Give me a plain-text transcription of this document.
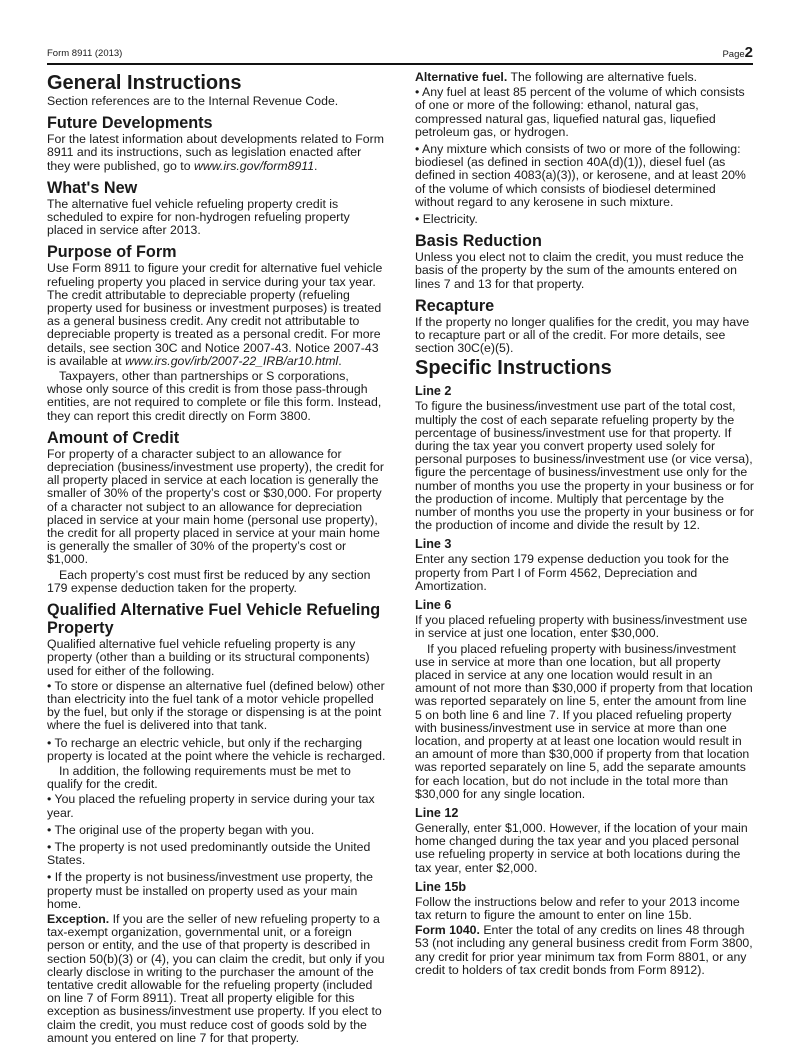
Form 8911 (2013)	Page2
General Instructions
Section references are to the Internal Revenue Code.
Future Developments
For the latest information about developments related to Form 8911 and its instructions, such as legislation enacted after they were published, go to www.irs.gov/form8911.
What's New
The alternative fuel vehicle refueling property credit is scheduled to expire for non-hydrogen refueling property placed in service after 2013.
Purpose of Form
Use Form 8911 to figure your credit for alternative fuel vehicle refueling property you placed in service during your tax year. The credit attributable to depreciable property (refueling property used for business or investment purposes) is treated as a general business credit. Any credit not attributable to depreciable property is treated as a personal credit. For more details, see section 30C and Notice 2007-43. Notice 2007-43 is available at www.irs.gov/irb/2007-22_IRB/ar10.html.
Taxpayers, other than partnerships or S corporations, whose only source of this credit is from those pass-through entities, are not required to complete or file this form. Instead, they can report this credit directly on Form 3800.
Amount of Credit
For property of a character subject to an allowance for depreciation (business/investment use property), the credit for all property placed in service at each location is generally the smaller of 30% of the property’s cost or $30,000. For property of a character not subject to an allowance for depreciation placed in service at your main home (personal use property), the credit for all property placed in service at your main home is generally the smaller of 30% of the property’s cost or $1,000.
Each property’s cost must first be reduced by any section 179 expense deduction taken for the property.
Qualified Alternative Fuel Vehicle Refueling Property
Qualified alternative fuel vehicle refueling property is any property (other than a building or its structural components) used for either of the following.
• To store or dispense an alternative fuel (defined below) other than electricity into the fuel tank of a motor vehicle propelled by the fuel, but only if the storage or dispensing is at the point where the fuel is delivered into that tank.
• To recharge an electric vehicle, but only if the recharging property is located at the point where the vehicle is recharged.
In addition, the following requirements must be met to qualify for the credit.
• You placed the refueling property in service during your tax year.
• The original use of the property began with you.
• The property is not used predominantly outside the United States.
• If the property is not business/investment use property, the property must be installed on property used as your main home.
Exception. If you are the seller of new refueling property to a tax-exempt organization, governmental unit, or a foreign person or entity, and the use of that property is described in section 50(b)(3) or (4), you can claim the credit, but only if you clearly disclose in writing to the purchaser the amount of the tentative credit allowable for the refueling property (included on line 7 of Form 8911). Treat all property eligible for this exception as business/investment use property. If you elect to claim the credit, you must reduce cost of goods sold by the amount you entered on line 7 for that property.
Alternative fuel. The following are alternative fuels.
• Any fuel at least 85 percent of the volume of which consists of one or more of the following: ethanol, natural gas, compressed natural gas, liquefied natural gas, liquefied petroleum gas, or hydrogen.
• Any mixture which consists of two or more of the following: biodiesel (as defined in section 40A(d)(1)), diesel fuel (as defined in section 4083(a)(3)), or kerosene, and at least 20% of the volume of which consists of biodiesel determined without regard to any kerosene in such mixture.
• Electricity.
Basis Reduction
Unless you elect not to claim the credit, you must reduce the basis of the property by the sum of the amounts entered on lines 7 and 13 for that property.
Recapture
If the property no longer qualifies for the credit, you may have to recapture part or all of the credit. For more details, see section 30C(e)(5).
Specific Instructions
Line 2
To figure the business/investment use part of the total cost, multiply the cost of each separate refueling property by the percentage of business/investment use for that property. If during the tax year you convert property used solely for personal purposes to business/investment use (or vice versa), figure the percentage of business/investment use only for the number of months you use the property in your business or for the production of income. Multiply that percentage by the number of months you use the property in your business or for the production of income and divide the result by 12.
Line 3
Enter any section 179 expense deduction you took for the property from Part I of Form 4562, Depreciation and Amortization.
Line 6
If you placed refueling property with business/investment use in service at just one location, enter $30,000.
If you placed refueling property with business/investment use in service at more than one location, but all property placed in service at any one location would result in an amount of not more than $30,000 if property from that location was reported separately on line 5, enter the amount from line 5 on both line 6 and line 7. If you placed refueling property with business/investment use in service at more than one location, and property at at least one location would result in an amount of more than $30,000 if property from that location was reported separately on line 5, add the separate amounts for each location, but do not include in the total more than $30,000 for any single location.
Line 12
Generally, enter $1,000. However, if the location of your main home changed during the tax year and you placed personal use refueling property in service at both locations during the tax year, enter $2,000.
Line 15b
Follow the instructions below and refer to your 2013 income tax return to figure the amount to enter on line 15b.
Form 1040. Enter the total of any credits on lines 48 through 53 (not including any general business credit from Form 3800, any credit for prior year minimum tax from Form 8801, or any credit to holders of tax credit bonds from Form 8912).
